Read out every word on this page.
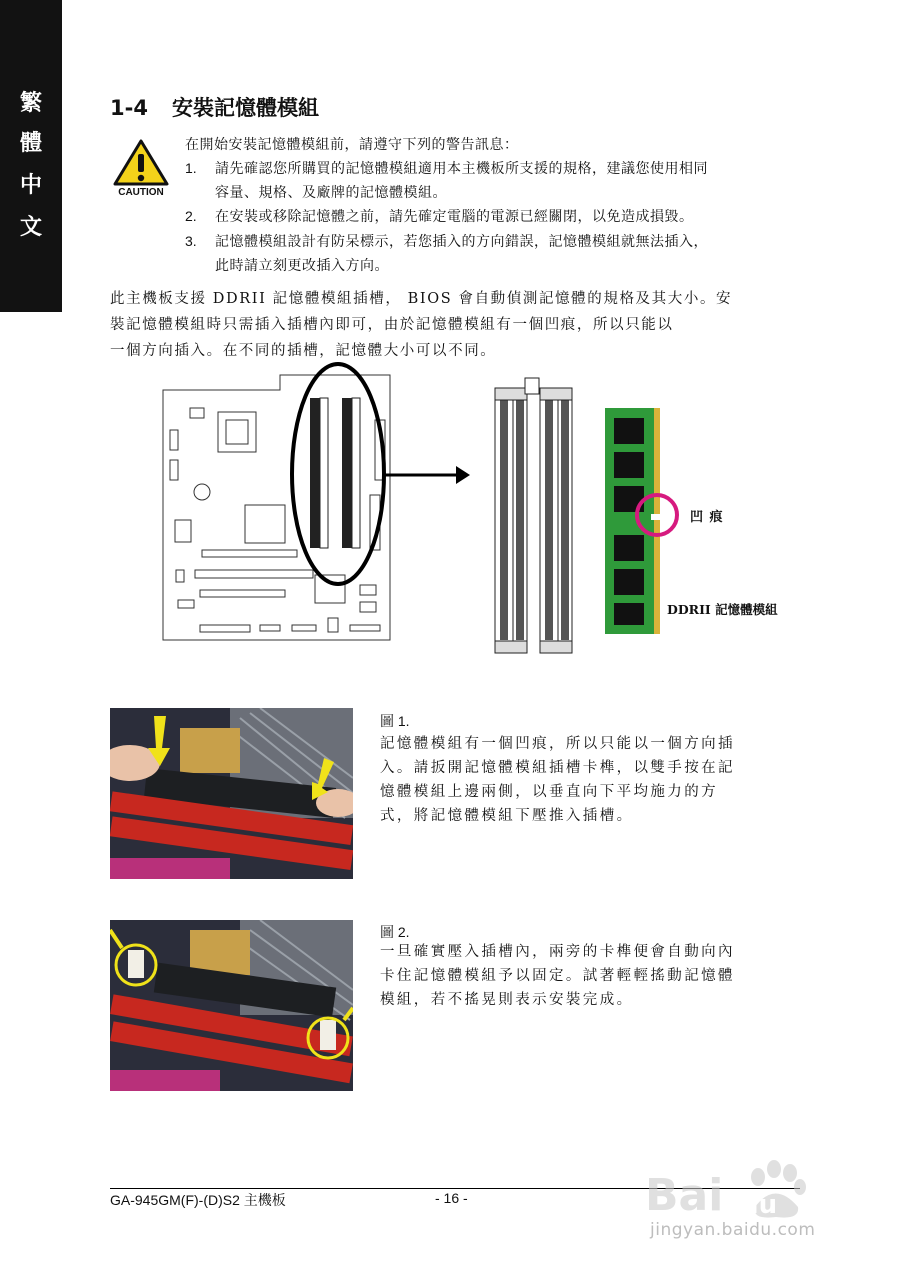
繁
體
中
文
1-4 安裝記憶體模組
CAUTION
在開始安裝記憶體模組前，請遵守下列的警告訊息：
1. 請先確認您所購買的記憶體模組適用本主機板所支援的規格，建議您使用相同
容量、規格、及廠牌的記憶體模組。
2. 在安裝或移除記憶體之前，請先確定電腦的電源已經關閉，以免造成損毀。
3. 記憶體模組設計有防呆標示，若您插入的方向錯誤，記憶體模組就無法插入，
此時請立刻更改插入方向。
此主機板支援 DDRII 記憶體模組插槽， BIOS 會自動偵測記憶體的規格及其大小。安
裝記憶體模組時只需插入插槽內即可，由於記憶體模組有一個凹痕，所以只能以
一個方向插入。在不同的插槽，記憶體大小可以不同。
凹 痕
DDRII 記憶體模組
圖 1.
記憶體模組有一個凹痕，所以只能以一個方向插
入。請扳開記憶體模組插槽卡榫，以雙手按在記
憶體模組上邊兩側，以垂直向下平均施力的方
式，將記憶體模組下壓推入插槽。
圖 2.
一旦確實壓入插槽內，兩旁的卡榫便會自動向內
卡住記憶體模組予以固定。試著輕輕搖動記憶體
模組，若不搖晃則表示安裝完成。
GA-945GM(F)-(D)S2 主機板	- 16 -	Bai du
jingyan.baidu.com
